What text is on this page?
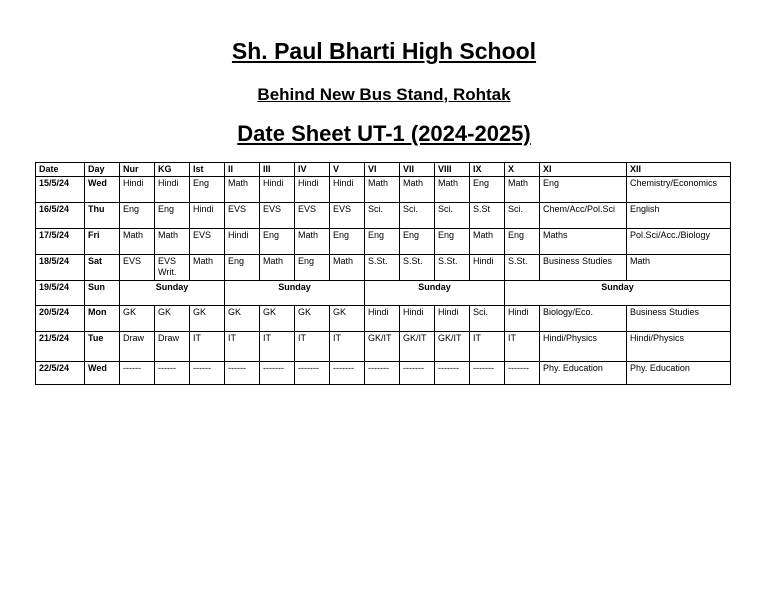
Sh. Paul Bharti High School
Behind New Bus Stand, Rohtak
Date Sheet UT-1 (2024-2025)
Date	Day	Nur	KG	Ist	II	III	IV	V	VI	VII	VIII	IX	X	XI	XII
15/5/24	Wed	Hindi	Hindi	Eng	Math	Hindi	Hindi	Hindi	Math	Math	Math	Eng	Math	Eng	Chemistry/Economics
16/5/24	Thu	Eng	Eng	Hindi	EVS	EVS	EVS	EVS	Sci.	Sci.	Sci.	S.St	Sci.	Chem/Acc/Pol.Sci	English
17/5/24	Fri	Math	Math	EVS	Hindi	Eng	Math	Eng	Eng	Eng	Eng	Math	Eng	Maths	Pol.Sci/Acc./Biology
18/5/24	Sat	EVS	EVS Writ.	Math	Eng	Math	Eng	Math	S.St.	S.St.	S.St.	Hindi	S.St.	Business Studies	Math
19/5/24	Sun	Sunday			Sunday				Sunday				Sunday		
20/5/24	Mon	GK	GK	GK	GK	GK	GK	GK	Hindi	Hindi	Hindi	Sci.	Hindi	Biology/Eco.	Business Studies
21/5/24	Tue	Draw	Draw	IT	IT	IT	IT	IT	GK/IT	GK/IT	GK/IT	IT	IT	Hindi/Physics	Hindi/Physics
22/5/24	Wed	------	------	------	------	-------	-------	-------	-------	-------	-------	-------	-------	Phy. Education	Phy. Education
